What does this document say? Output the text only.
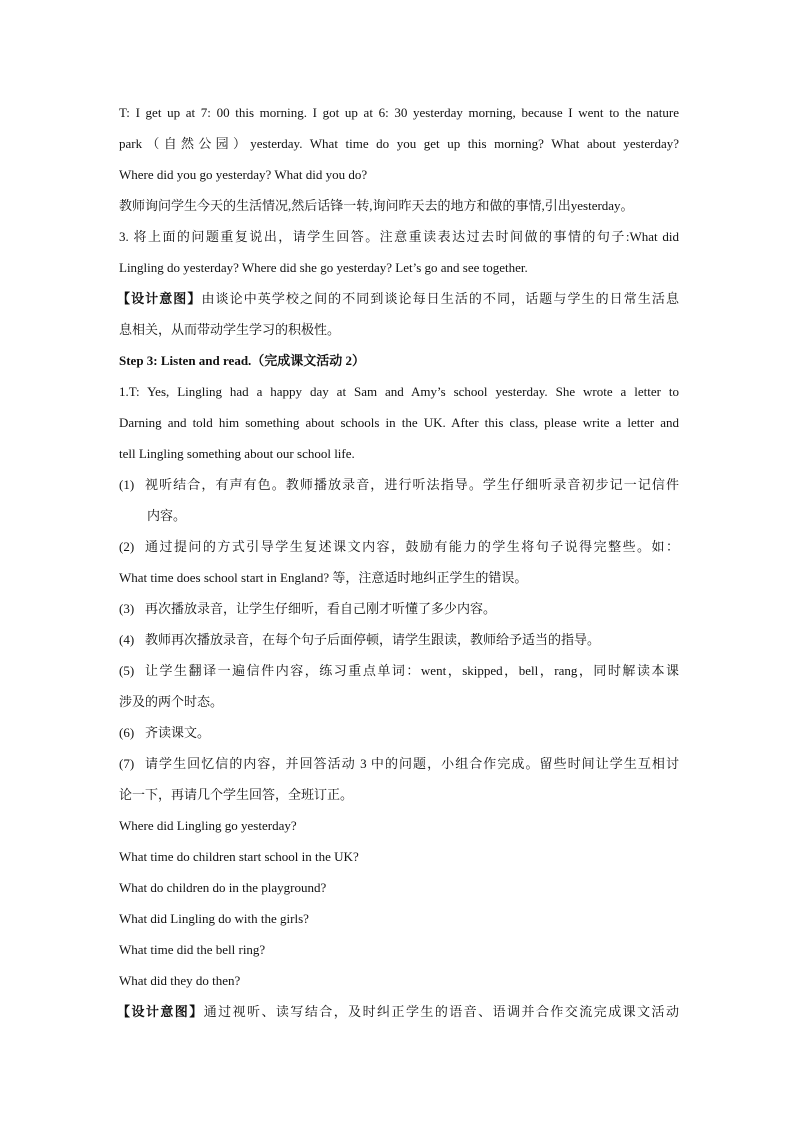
T: I get up at 7: 00 this morning. I got up at 6: 30 yesterday morning, because I went to the nature
park（自然公园）yesterday. What time do you get up this morning? What about yesterday?
Where did you go yesterday? What did you do?
教师询问学生今天的生活情况,然后话锋一转,询问昨天去的地方和做的事情,引出yesterday。
3. 将上面的问题重复说出，请学生回答。注意重读表达过去时间做的事情的句子:What did
Lingling do yesterday? Where did she go yesterday? Let’s go and see together.
【设计意图】由谈论中英学校之间的不同到谈论每日生活的不同，话题与学生的日常生活息
息相关，从而带动学生学习的积极性。
Step 3: Listen and read.（完成课文活动 2）
1.T: Yes, Lingling had a happy day at Sam and Amy’s school yesterday. She wrote a letter to
Darning and told him something about schools in the UK. After this class, please write a letter and
tell Lingling something about our school life.
(1) 视听结合，有声有色。教师播放录音，进行听法指导。学生仔细听录音初步记一记信件
内容。
(2) 通过提问的方式引导学生复述课文内容，鼓励有能力的学生将句子说得完整些。如：
What time does school start in England? 等，注意适时地纠正学生的错误。
(3) 再次播放录音，让学生仔细听，看自己刚才听懂了多少内容。
(4) 教师再次播放录音，在每个句子后面停顿，请学生跟读，教师给予适当的指导。
(5) 让学生翻译一遍信件内容，练习重点单词：went，skipped，bell，rang，同时解读本课
涉及的两个时态。
(6) 齐读课文。
(7) 请学生回忆信的内容，并回答活动 3 中的问题，小组合作完成。留些时间让学生互相讨
论一下，再请几个学生回答，全班订正。
Where did Lingling go yesterday?
What time do children start school in the UK?
What do children do in the playground?
What did Lingling do with the girls?
What time did the bell ring?
What did they do then?
【设计意图】通过视听、读写结合，及时纠正学生的语音、语调并合作交流完成课文活动
